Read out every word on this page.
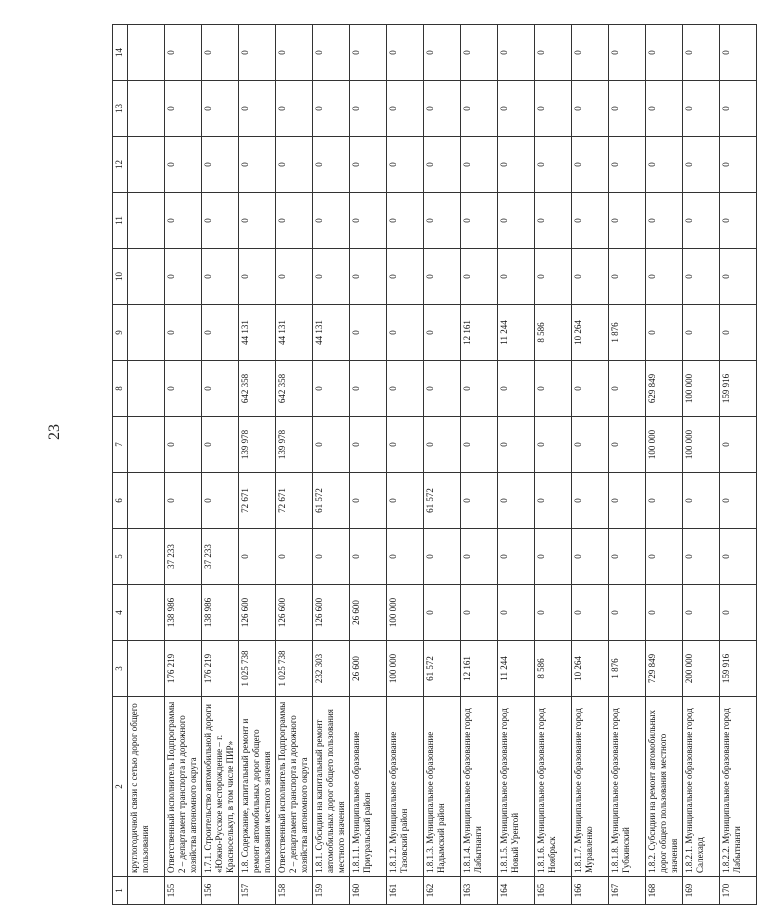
23
1	2	3	4	5	6	7	8	9	10	11	12	13	14
	круглогодичной связи с сетью дорог общего пользования												
155	Ответственный исполнитель Подпрограммы 2 – департамент транспорта и дорожного хозяйства автономного округа	176 219	138 986	37 233	0	0	0	0	0	0	0	0	0
156	1.7.1. Строительство автомобильной дороги «Южно-Русское месторождение – г. Красноселькуп, в том числе ПИР»	176 219	138 986	37 233	0	0	0	0	0	0	0	0	0
157	1.8. Содержание, капитальный ремонт и ремонт автомобильных дорог общего пользования местного значения	1 025 738	126 600	0	72 671	139 978	642 358	44 131	0	0	0	0	0
158	Ответственный исполнитель Подпрограммы 2 – департамент транспорта и дорожного хозяйства автономного округа	1 025 738	126 600	0	72 671	139 978	642 358	44 131	0	0	0	0	0
159	1.8.1. Субсидии на капитальный ремонт автомобильных дорог общего пользования местного значения	232 303	126 600	0	61 572	0	0	44 131	0	0	0	0	0
160	1.8.1.1. Муниципальное образование Приуральский район	26 600	26 600	0	0	0	0	0	0	0	0	0	0
161	1.8.1.2. Муниципальное образование Тазовский район	100 000	100 000	0	0	0	0	0	0	0	0	0	0
162	1.8.1.3. Муниципальное образование Надымский район	61 572	0	0	61 572	0	0	0	0	0	0	0	0
163	1.8.1.4. Муниципальное образование город Лабытнанги	12 161	0	0	0	0	0	12 161	0	0	0	0	0
164	1.8.1.5. Муниципальное образование город Новый Уренгой	11 244	0	0	0	0	0	11 244	0	0	0	0	0
165	1.8.1.6. Муниципальное образование город Ноябрьск	8 586	0	0	0	0	0	8 586	0	0	0	0	0
166	1.8.1.7. Муниципальное образование город Муравленко	10 264	0	0	0	0	0	10 264	0	0	0	0	0
167	1.8.1.8. Муниципальное образование город Губкинский	1 876	0	0	0	0	0	1 876	0	0	0	0	0
168	1.8.2. Субсидии на ремонт автомобильных дорог общего пользования местного значения	729 849	0	0	0	100 000	629 849	0	0	0	0	0	0
169	1.8.2.1. Муниципальное образование город Салехард	200 000	0	0	0	100 000	100 000	0	0	0	0	0	0
170	1.8.2.2. Муниципальное образование город Лабытнанги	159 916	0	0	0	0	159 916	0	0	0	0	0	0
